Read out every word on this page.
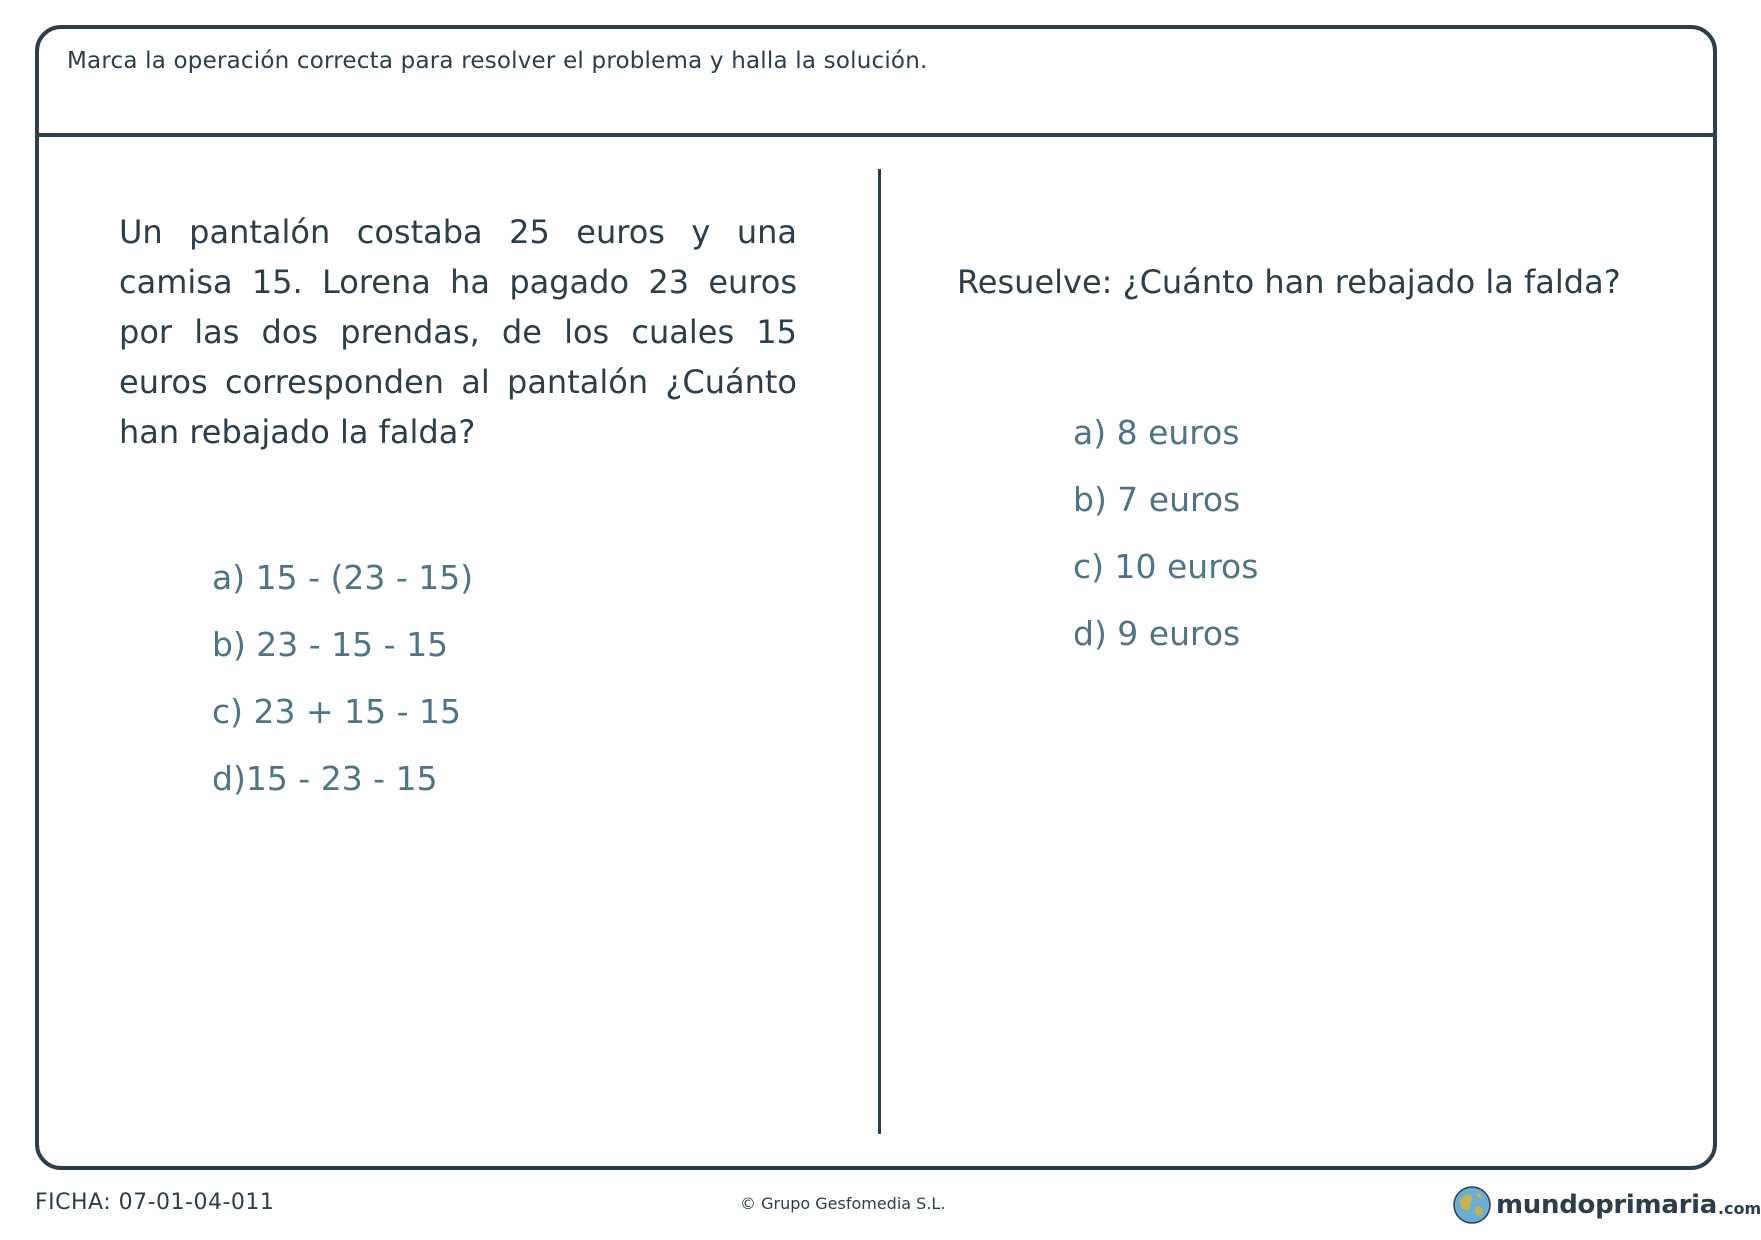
Marca la operación correcta para resolver el problema y halla la solución.

Un pantalón costaba 25 euros y una camisa 15. Lorena ha pagado 23 euros por las dos prendas, de los cuales 15 euros corresponden al pantalón ¿Cuánto han rebajado la falda?

a) 15 - (23 - 15)
b) 23 - 15 - 15
c) 23 + 15 - 15
d)15 - 23 - 15
Resuelve: ¿Cuánto han rebajado la falda?
a) 8 euros
b) 7 euros
c) 10 euros
d) 9 euros
FICHA: 07-01-04-011	© Grupo Gesfomedia S.L.	mundoprimaria .com
